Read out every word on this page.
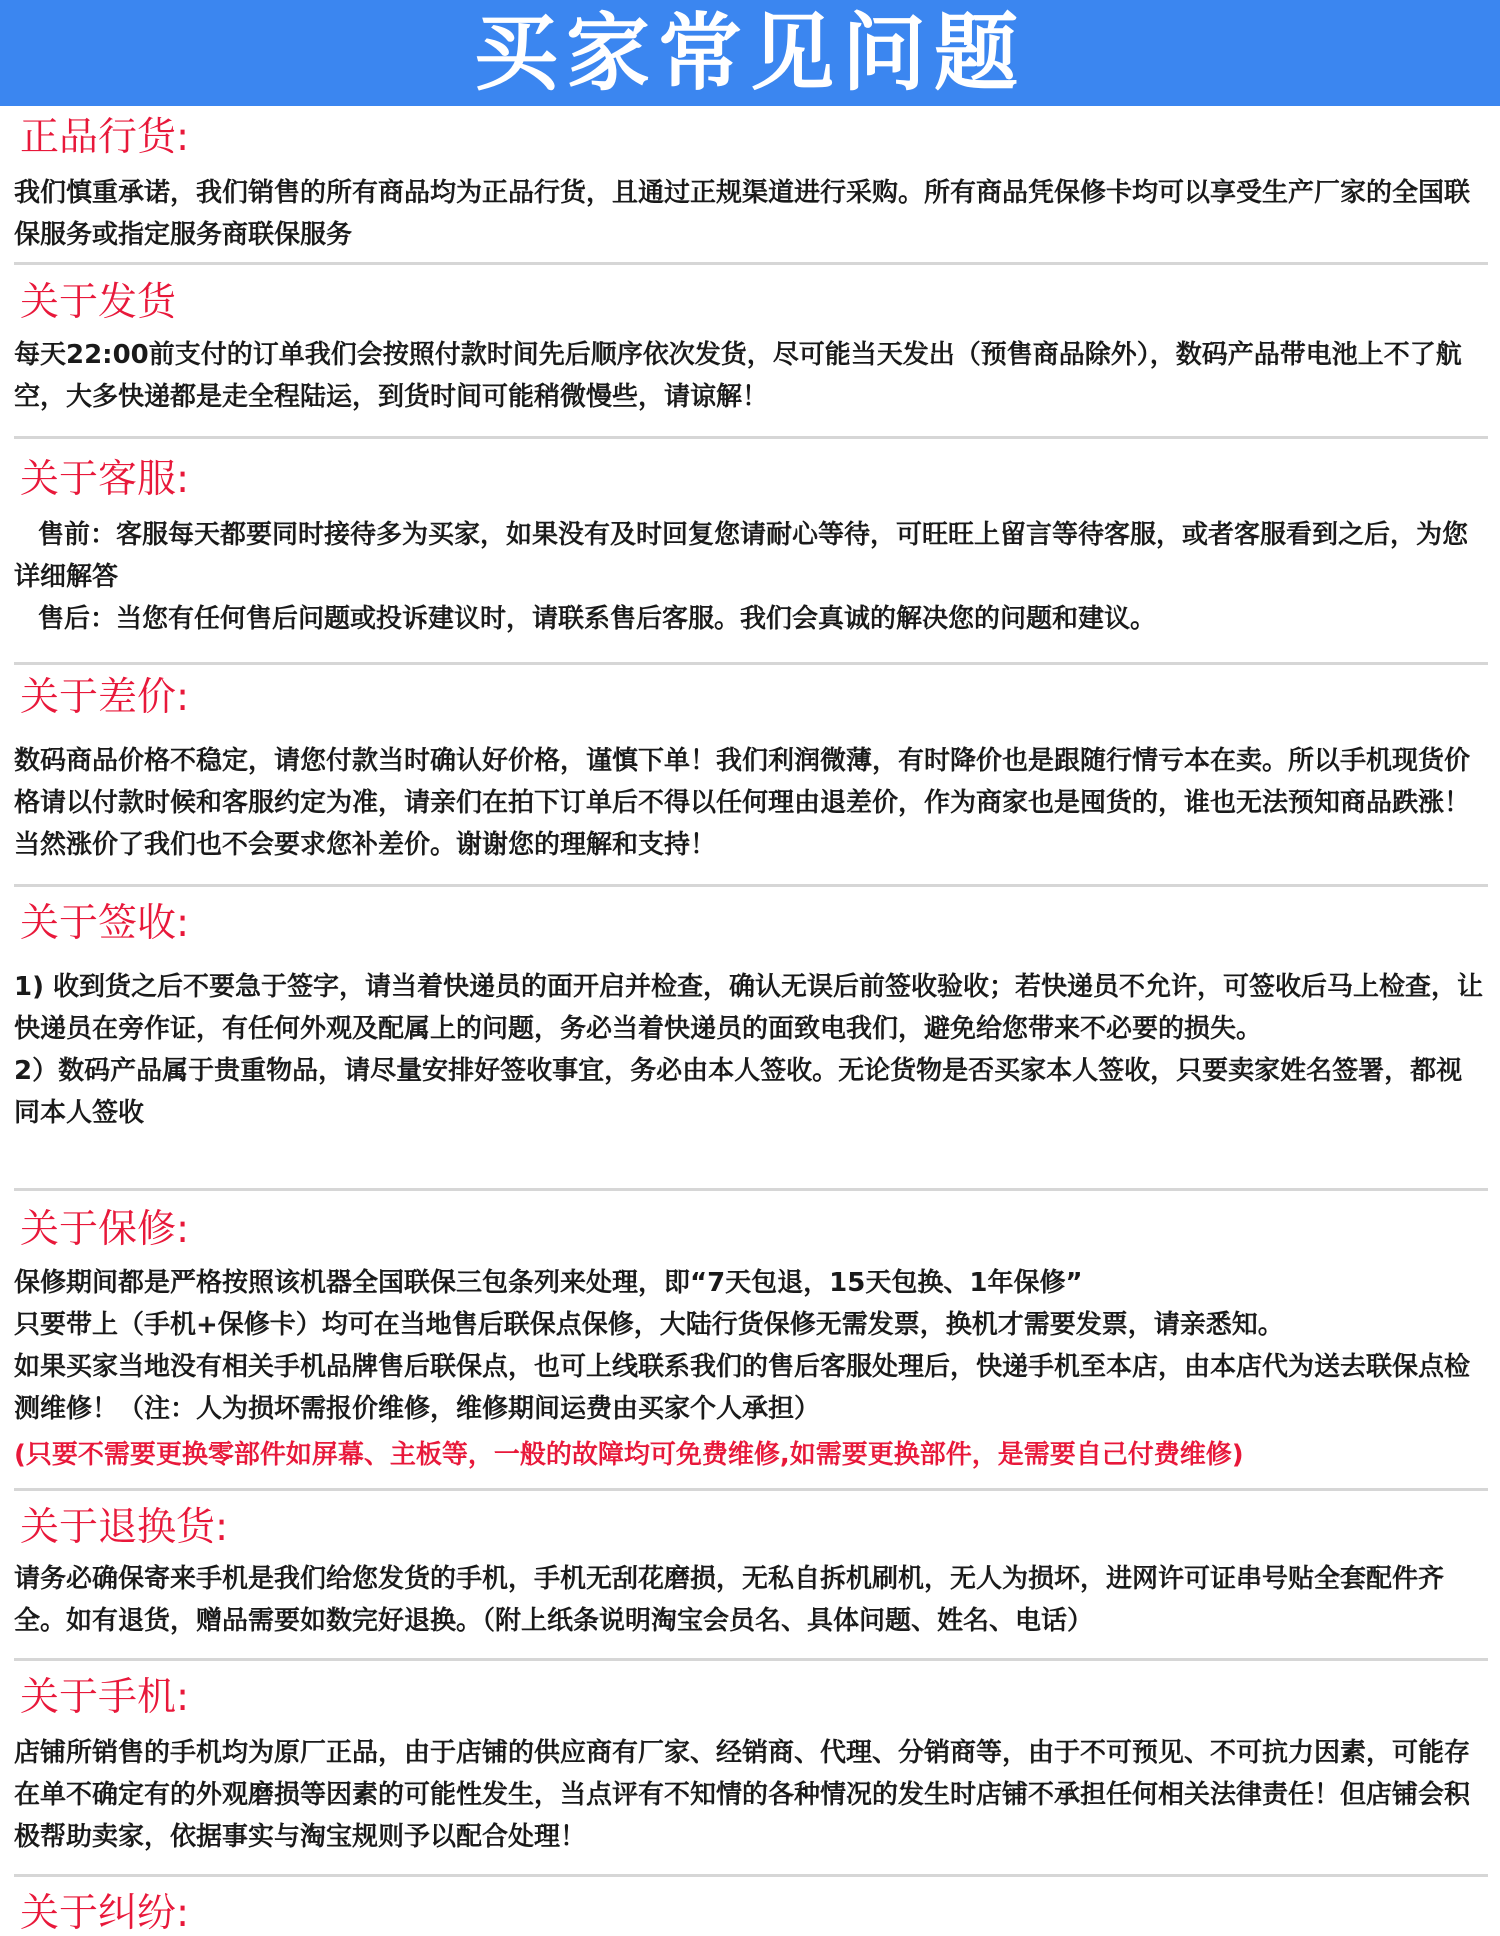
买家常见问题
正品行货:

我们慎重承诺，我们销售的所有商品均为正品行货，且通过正规渠道进行采购。所有商品凭保修卡均可以享受生产厂家的全国联保服务或指定服务商联保服务

关于发货

每天22:00前支付的订单我们会按照付款时间先后顺序依次发货，尽可能当天发出（预售商品除外），数码产品带电池上不了航空，大多快递都是走全程陆运，到货时间可能稍微慢些，请谅解！

关于客服:

售前：客服每天都要同时接待多为买家，如果没有及时回复您请耐心等待，可旺旺上留言等待客服，或者客服看到之后，为您详细解答

售后：当您有任何售后问题或投诉建议时，请联系售后客服。我们会真诚的解决您的问题和建议。

关于差价:

数码商品价格不稳定，请您付款当时确认好价格，谨慎下单！我们利润微薄，有时降价也是跟随行情亏本在卖。所以手机现货价格请以付款时候和客服约定为准，请亲们在拍下订单后不得以任何理由退差价，作为商家也是囤货的，谁也无法预知商品跌涨！当然涨价了我们也不会要求您补差价。谢谢您的理解和支持！

关于签收:

1) 收到货之后不要急于签字，请当着快递员的面开启并检查，确认无误后前签收验收；若快递员不允许，可签收后马上检查，让快递员在旁作证，有任何外观及配属上的问题，务必当着快递员的面致电我们，避免给您带来不必要的损失。

2）数码产品属于贵重物品，请尽量安排好签收事宜，务必由本人签收。无论货物是否买家本人签收，只要卖家姓名签署，都视同本人签收

关于保修:

保修期间都是严格按照该机器全国联保三包条列来处理，即“7天包退，15天包换、1年保修”

只要带上（手机+保修卡）均可在当地售后联保点保修，大陆行货保修无需发票，换机才需要发票，请亲悉知。

如果买家当地没有相关手机品牌售后联保点，也可上线联系我们的售后客服处理后，快递手机至本店，由本店代为送去联保点检测维修！（注：人为损坏需报价维修，维修期间运费由买家个人承担）

(只要不需要更换零部件如屏幕、主板等，一般的故障均可免费维修,如需要更换部件，是需要自己付费维修)

关于退换货:

请务必确保寄来手机是我们给您发货的手机，手机无刮花磨损，无私自拆机刷机，无人为损坏，进网许可证串号贴全套配件齐全。如有退货，赠品需要如数完好退换。（附上纸条说明淘宝会员名、具体问题、姓名、电话）

关于手机:

店铺所销售的手机均为原厂正品，由于店铺的供应商有厂家、经销商、代理、分销商等，由于不可预见、不可抗力因素，可能存在单不确定有的外观磨损等因素的可能性发生，当点评有不知情的各种情况的发生时店铺不承担任何相关法律责任！但店铺会积极帮助卖家，依据事实与淘宝规则予以配合处理！

关于纠纷:
